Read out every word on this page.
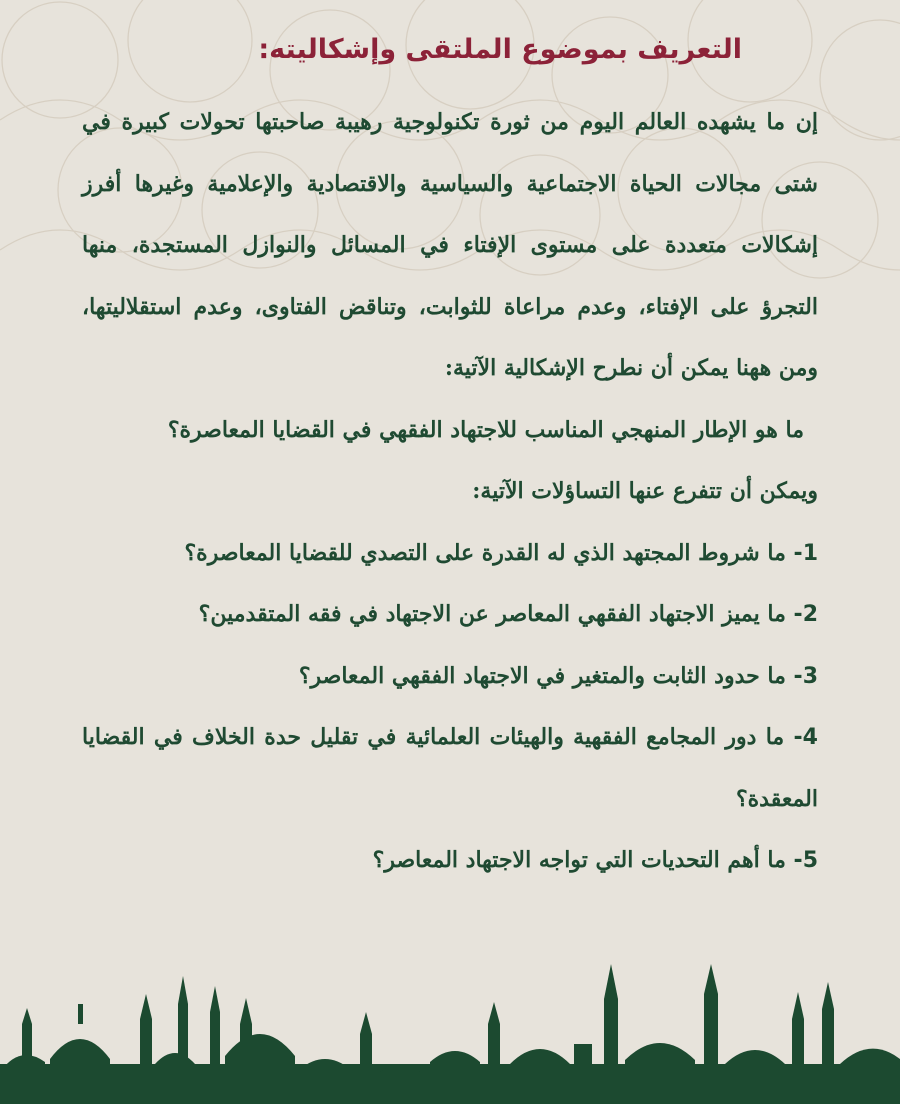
التعريف بموضوع الملتقى وإشكاليته:

إن ما يشهده العالم اليوم من ثورة تكنولوجية رهيبة صاحبتها تحولات كبيرة في شتى مجالات الحياة الاجتماعية والسياسية والاقتصادية والإعلامية وغيرها أفرز إشكالات متعددة على مستوى الإفتاء في المسائل والنوازل المستجدة، منها التجرؤ على الإفتاء، وعدم مراعاة للثوابت، وتناقض الفتاوى، وعدم استقلاليتها، ومن ههنا يمكن أن نطرح الإشكالية الآتية:

ما هو الإطار المنهجي المناسب للاجتهاد الفقهي في القضايا المعاصرة؟
ويمكن أن تتفرع عنها التساؤلات الآتية:
1- ما شروط المجتهد الذي له القدرة على التصدي للقضايا المعاصرة؟
2- ما يميز الاجتهاد الفقهي المعاصر عن الاجتهاد في فقه المتقدمين؟
3- ما حدود الثابت والمتغير في الاجتهاد الفقهي المعاصر؟
4- ما دور المجامع الفقهية والهيئات العلمائية في تقليل حدة الخلاف في القضايا المعقدة؟
5- ما أهم التحديات التي تواجه الاجتهاد المعاصر؟
